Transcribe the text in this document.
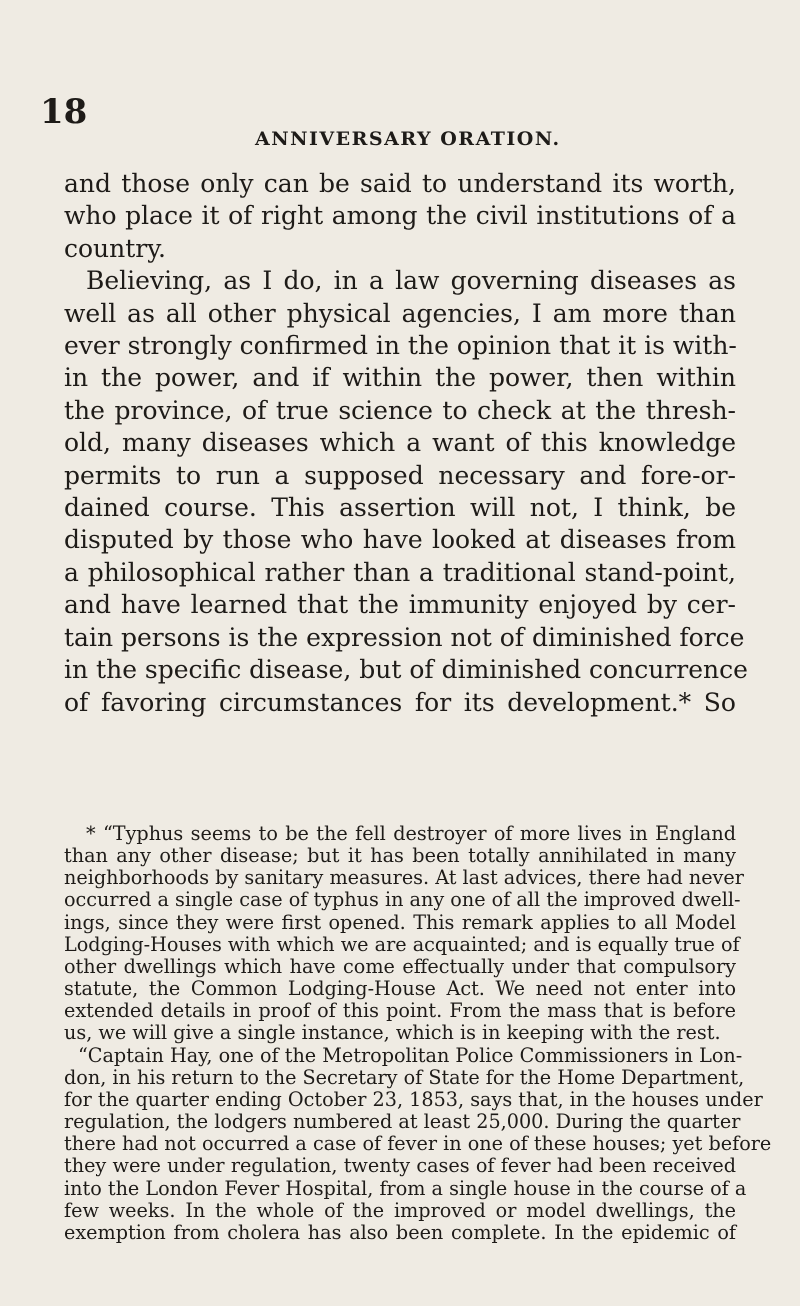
18
ANNIVERSARY ORATION.
and those only can be said to understand its worth,
who place it of right among the civil institutions of a
country.
Believing, as I do, in a law governing diseases as
well as all other physical agencies, I am more than
ever strongly confirmed in the opinion that it is with-
in the power, and if within the power, then within
the province, of true science to check at the thresh-
old, many diseases which a want of this knowledge
permits to run a supposed necessary and fore-or-
dained course. This assertion will not, I think, be
disputed by those who have looked at diseases from
a philosophical rather than a traditional stand-point,
and have learned that the immunity enjoyed by cer-
tain persons is the expression not of diminished force
in the specific disease, but of diminished concurrence
of favoring circumstances for its development.* So
* “Typhus seems to be the fell destroyer of more lives in England
than any other disease; but it has been totally annihilated in many
neighborhoods by sanitary measures. At last advices, there had never
occurred a single case of typhus in any one of all the improved dwell-
ings, since they were first opened. This remark applies to all Model
Lodging-Houses with which we are acquainted; and is equally true of
other dwellings which have come effectually under that compulsory
statute, the Common Lodging-House Act. We need not enter into
extended details in proof of this point. From the mass that is before
us, we will give a single instance, which is in keeping with the rest.
“Captain Hay, one of the Metropolitan Police Commissioners in Lon-
don, in his return to the Secretary of State for the Home Department,
for the quarter ending October 23, 1853, says that, in the houses under
regulation, the lodgers numbered at least 25,000. During the quarter
there had not occurred a case of fever in one of these houses; yet before
they were under regulation, twenty cases of fever had been received
into the London Fever Hospital, from a single house in the course of a
few weeks. In the whole of the improved or model dwellings, the
exemption from cholera has also been complete. In the epidemic of
